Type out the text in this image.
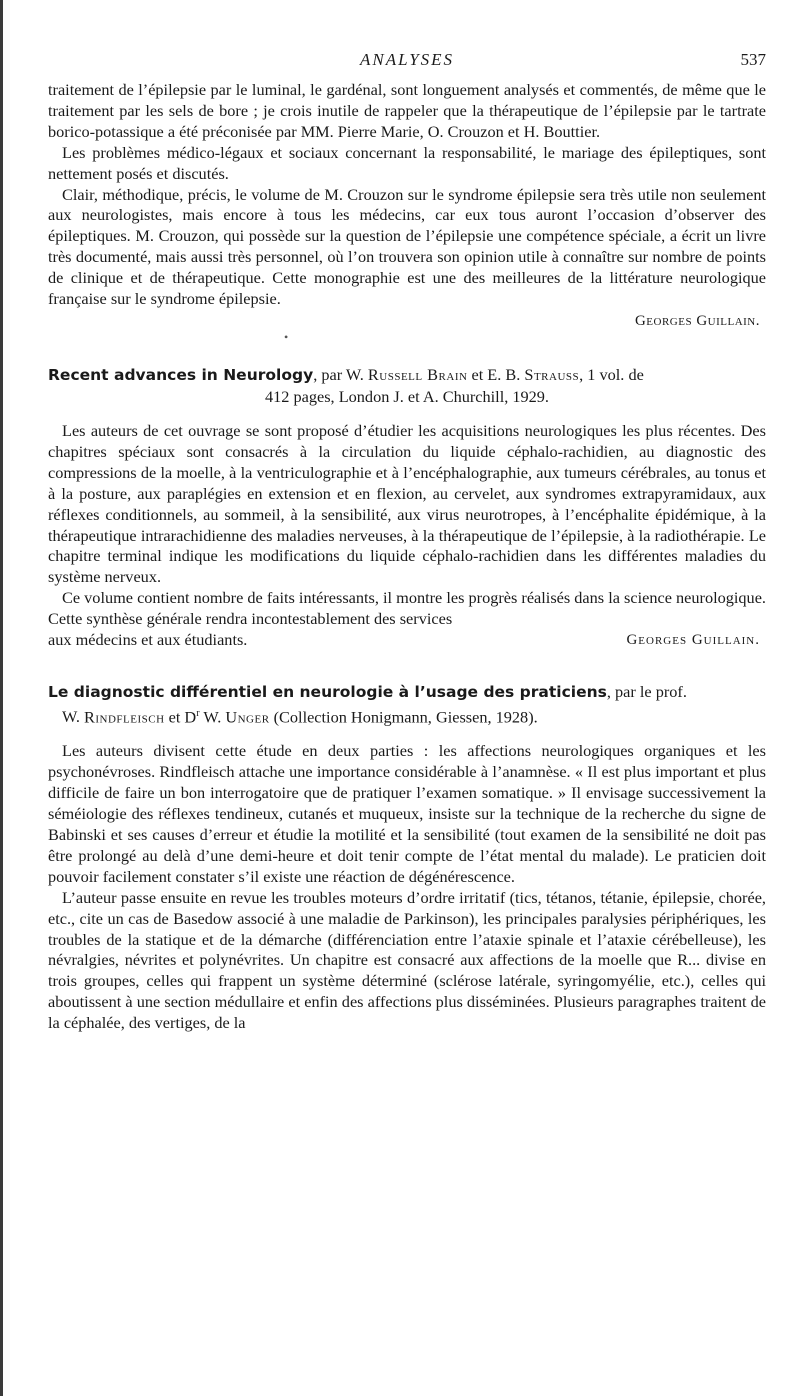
ANALYSES	537

traitement de l’épilepsie par le luminal, le gardénal, sont longuement analysés et commentés, de même que le traitement par les sels de bore ; je crois inutile de rappeler que la thérapeutique de l’épilepsie par le tartrate borico-potassique a été préconisée par MM. Pierre Marie, O. Crouzon et H. Bouttier.

Les problèmes médico-légaux et sociaux concernant la responsabilité, le mariage des épileptiques, sont nettement posés et discutés.

Clair, méthodique, précis, le volume de M. Crouzon sur le syndrome épilepsie sera très utile non seulement aux neurologistes, mais encore à tous les médecins, car eux tous auront l’occasion d’observer des épileptiques. M. Crouzon, qui possède sur la question de l’épilepsie une compétence spéciale, a écrit un livre très documenté, mais aussi très personnel, où l’on trouvera son opinion utile à connaître sur nombre de points de clinique et de thérapeutique. Cette monographie est une des meilleures de la littérature neurologique française sur le syndrome épilepsie.

Georges Guillain.
•
Recent advances in Neurology, par W. Russell Brain et E. B. Strauss, 1 vol. de
412 pages, London J. et A. Churchill, 1929.

Les auteurs de cet ouvrage se sont proposé d’étudier les acquisitions neurologiques les plus récentes. Des chapitres spéciaux sont consacrés à la circulation du liquide céphalo-rachidien, au diagnostic des compressions de la moelle, à la ventriculographie et à l’encéphalographie, aux tumeurs cérébrales, au tonus et à la posture, aux paraplégies en extension et en flexion, au cervelet, aux syndromes extrapyramidaux, aux réflexes conditionnels, au sommeil, à la sensibilité, aux virus neurotropes, à l’encéphalite épidémique, à la thérapeutique intrarachidienne des maladies nerveuses, à la thérapeutique de l’épilepsie, à la radiothérapie. Le chapitre terminal indique les modifications du liquide céphalo-rachidien dans les différentes maladies du système nerveux.

Ce volume contient nombre de faits intéressants, il montre les progrès réalisés dans la science neurologique. Cette synthèse générale rendra incontestablement des services

aux médecins et aux étudiants.	Georges Guillain.

Le diagnostic différentiel en neurologie à l’usage des praticiens, par le prof.
W. Rindfleisch et $D^r$ W. Unger (Collection Honigmann, Giessen, 1928).

Les auteurs divisent cette étude en deux parties : les affections neurologiques organiques et les psychonévroses. Rindfleisch attache une importance considérable à l’anamnèse. « Il est plus important et plus difficile de faire un bon interrogatoire que de pratiquer l’examen somatique. » Il envisage successivement la séméiologie des réflexes tendineux, cutanés et muqueux, insiste sur la technique de la recherche du signe de Babinski et ses causes d’erreur et étudie la motilité et la sensibilité (tout examen de la sensibilité ne doit pas être prolongé au delà d’une demi-heure et doit tenir compte de l’état mental du malade). Le praticien doit pouvoir facilement constater s’il existe une réaction de dégénérescence.

L’auteur passe ensuite en revue les troubles moteurs d’ordre irritatif (tics, tétanos, tétanie, épilepsie, chorée, etc., cite un cas de Basedow associé à une maladie de Parkinson), les principales paralysies périphériques, les troubles de la statique et de la démarche (différenciation entre l’ataxie spinale et l’ataxie cérébelleuse), les névralgies, névrites et polynévrites. Un chapitre est consacré aux affections de la moelle que R... divise en trois groupes, celles qui frappent un système déterminé (sclérose latérale, syringomyélie, etc.), celles qui aboutissent à une section médullaire et enfin des affections plus disséminées. Plusieurs paragraphes traitent de la céphalée, des vertiges, de la
